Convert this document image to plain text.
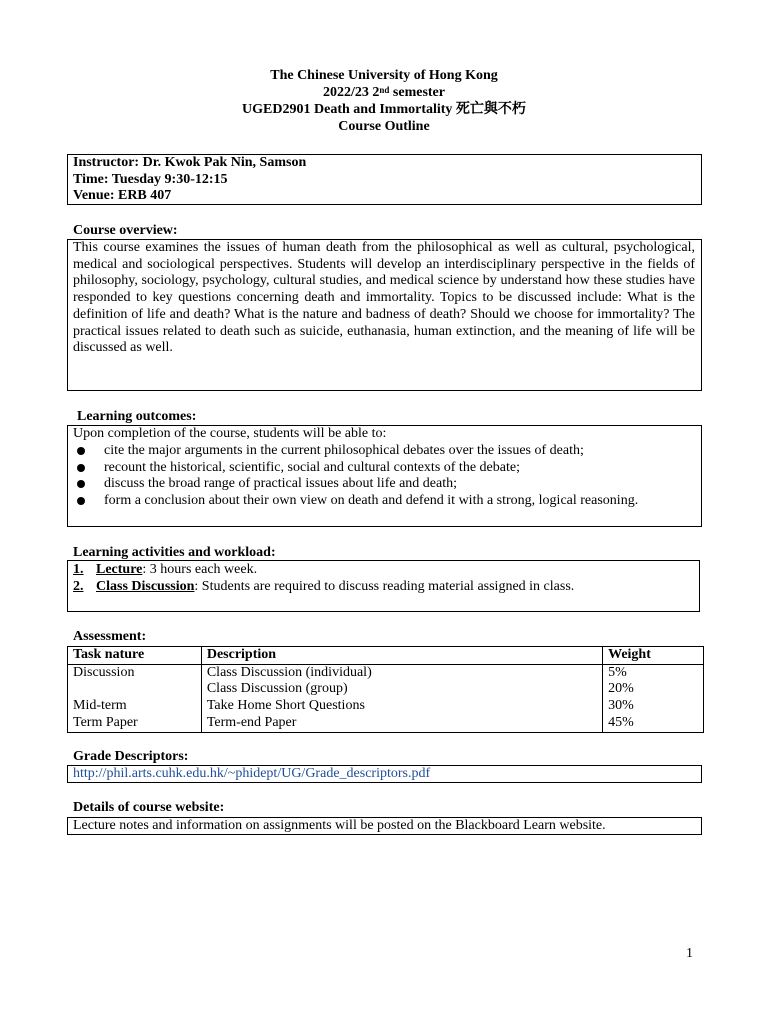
The Chinese University of Hong Kong
2022/23 2nd semester
UGED2901 Death and Immortality 死亡與不朽
Course Outline
Instructor: Dr. Kwok Pak Nin, Samson
Time: Tuesday 9:30-12:15
Venue: ERB 407
Course overview:
This course examines the issues of human death from the philosophical as well as cultural, psychological, medical and sociological perspectives. Students will develop an interdisciplinary perspective in the fields of philosophy, sociology, psychology, cultural studies, and medical science by understand how these studies have responded to key questions concerning death and immortality. Topics to be discussed include: What is the definition of life and death? What is the nature and badness of death? Should we choose for immortality? The practical issues related to death such as suicide, euthanasia, human extinction, and the meaning of life will be discussed as well.
Learning outcomes:
Upon completion of the course, students will be able to:
cite the major arguments in the current philosophical debates over the issues of death;
recount the historical, scientific, social and cultural contexts of the debate;
discuss the broad range of practical issues about life and death;
form a conclusion about their own view on death and defend it with a strong, logical reasoning.
Learning activities and workload:
1. Lecture: 3 hours each week.
2. Class Discussion: Students are required to discuss reading material assigned in class.
Assessment:
Task nature	Description	Weight
Discussion	Class Discussion (individual)	5%
	Class Discussion (group)	20%
Mid-term	Take Home Short Questions	30%
Term Paper	Term-end Paper	45%
Grade Descriptors:
http://phil.arts.cuhk.edu.hk/~phidept/UG/Grade_descriptors.pdf
Details of course website:
Lecture notes and information on assignments will be posted on the Blackboard Learn website.
1
